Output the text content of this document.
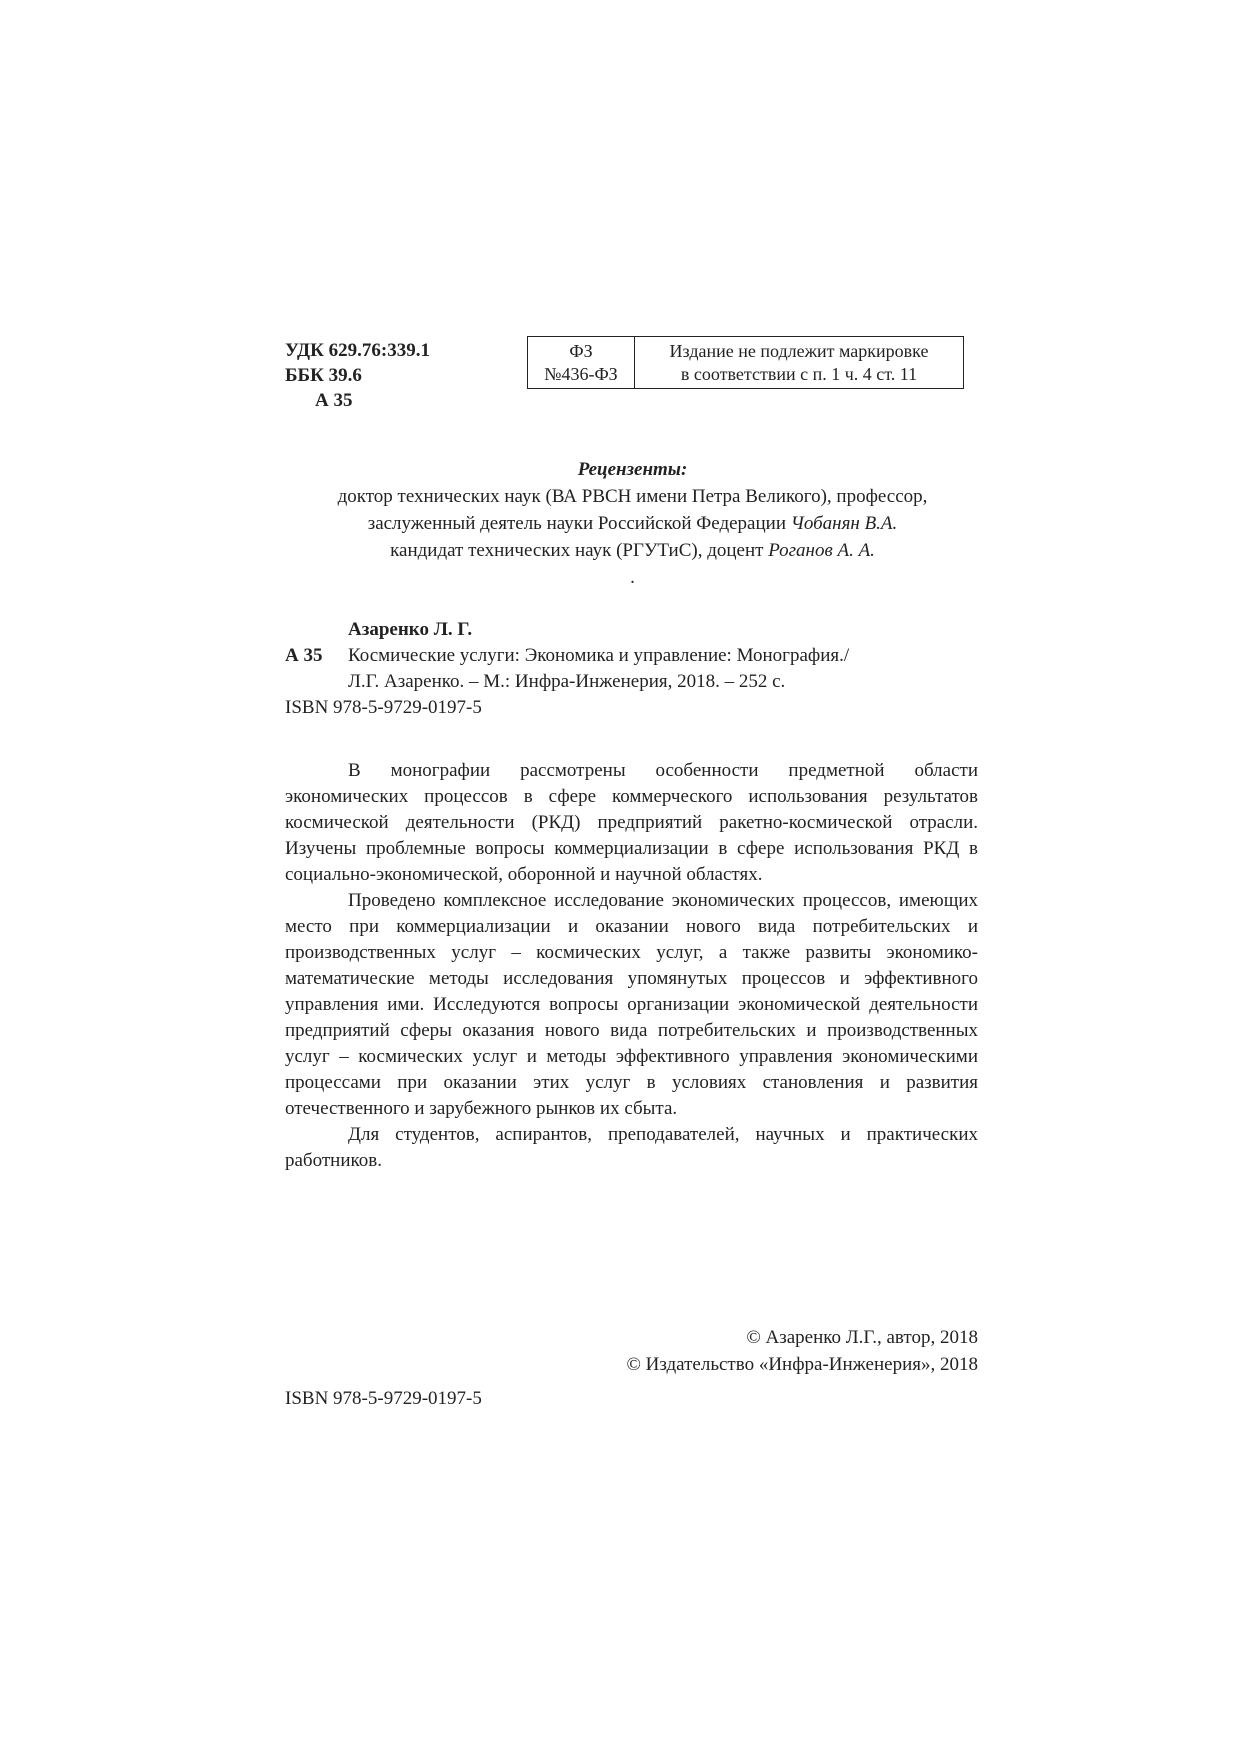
УДК 629.76:339.1
ББК 39.6
А 35
ФЗ
№436-ФЗ
Издание не подлежит маркировке
в соответствии с п. 1 ч. 4 ст. 11
Рецензенты:
доктор технических наук (ВА РВСН имени Петра Великого), профессор,
заслуженный деятель науки Российской Федерации Чобанян В.А.
кандидат технических наук (РГУТиС), доцент Роганов А. А.
.
Азаренко Л. Г.
А 35 Космические услуги: Экономика и управление: Монография./
Л.Г. Азаренко. – М.: Инфра-Инженерия, 2018. – 252 с.
ISBN 978-5-9729-0197-5

В монографии рассмотрены особенности предметной области экономических процессов в сфере коммерческого использования результатов космической деятельности (РКД) предприятий ракетно-космической отрасли. Изучены проблемные вопросы коммерциализации в сфере использования РКД в социально-экономической, оборонной и научной областях.

Проведено комплексное исследование экономических процессов, имеющих место при коммерциализации и оказании нового вида потребительских и производственных услуг – космических услуг, а также развиты экономико-математические методы исследования упомянутых процессов и эффективного управления ими. Исследуются вопросы организации экономической деятельности предприятий сферы оказания нового вида потребительских и производственных услуг – космических услуг и методы эффективного управления экономическими процессами при оказании этих услуг в условиях становления и развития отечественного и зарубежного рынков их сбыта.

Для студентов, аспирантов, преподавателей, научных и практических работников.

© Азаренко Л.Г., автор, 2018
© Издательство «Инфра-Инженерия», 2018
ISBN 978-5-9729-0197-5
